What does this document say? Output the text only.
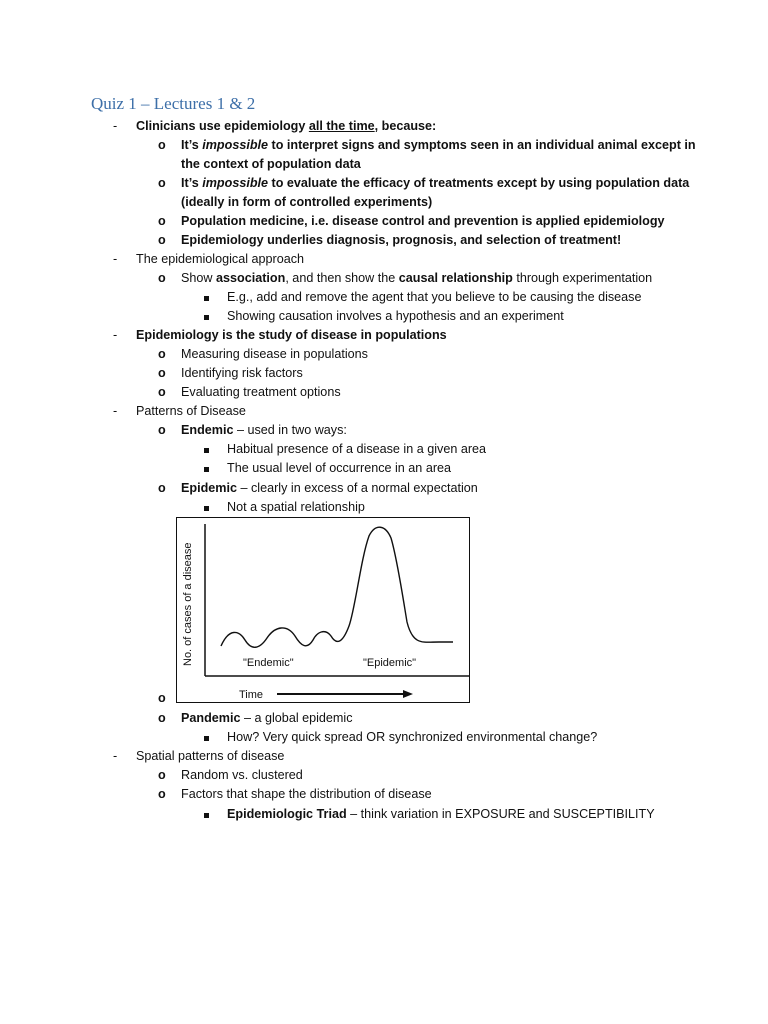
Quiz 1 – Lectures 1 & 2
- Clinicians use epidemiology all the time, because:
o It’s impossible to interpret signs and symptoms seen in an individual animal except in
the context of population data
o It’s impossible to evaluate the efficacy of treatments except by using population data
(ideally in form of controlled experiments)
o Population medicine, i.e. disease control and prevention is applied epidemiology
o Epidemiology underlies diagnosis, prognosis, and selection of treatment!
- The epidemiological approach
o Show association, and then show the causal relationship through experimentation
E.g., add and remove the agent that you believe to be causing the disease
Showing causation involves a hypothesis and an experiment
- Epidemiology is the study of disease in populations
o Measuring disease in populations
o Identifying risk factors
o Evaluating treatment options
- Patterns of Disease
o Endemic – used in two ways:
Habitual presence of a disease in a given area
The usual level of occurrence in an area
o Epidemic – clearly in excess of a normal expectation
Not a spatial relationship
No. of cases of a disease
Time
"Endemic"	"Epidemic"
o
o Pandemic – a global epidemic
How? Very quick spread OR synchronized environmental change?
- Spatial patterns of disease
o Random vs. clustered
o Factors that shape the distribution of disease
Epidemiologic Triad – think variation in EXPOSURE and SUSCEPTIBILITY
